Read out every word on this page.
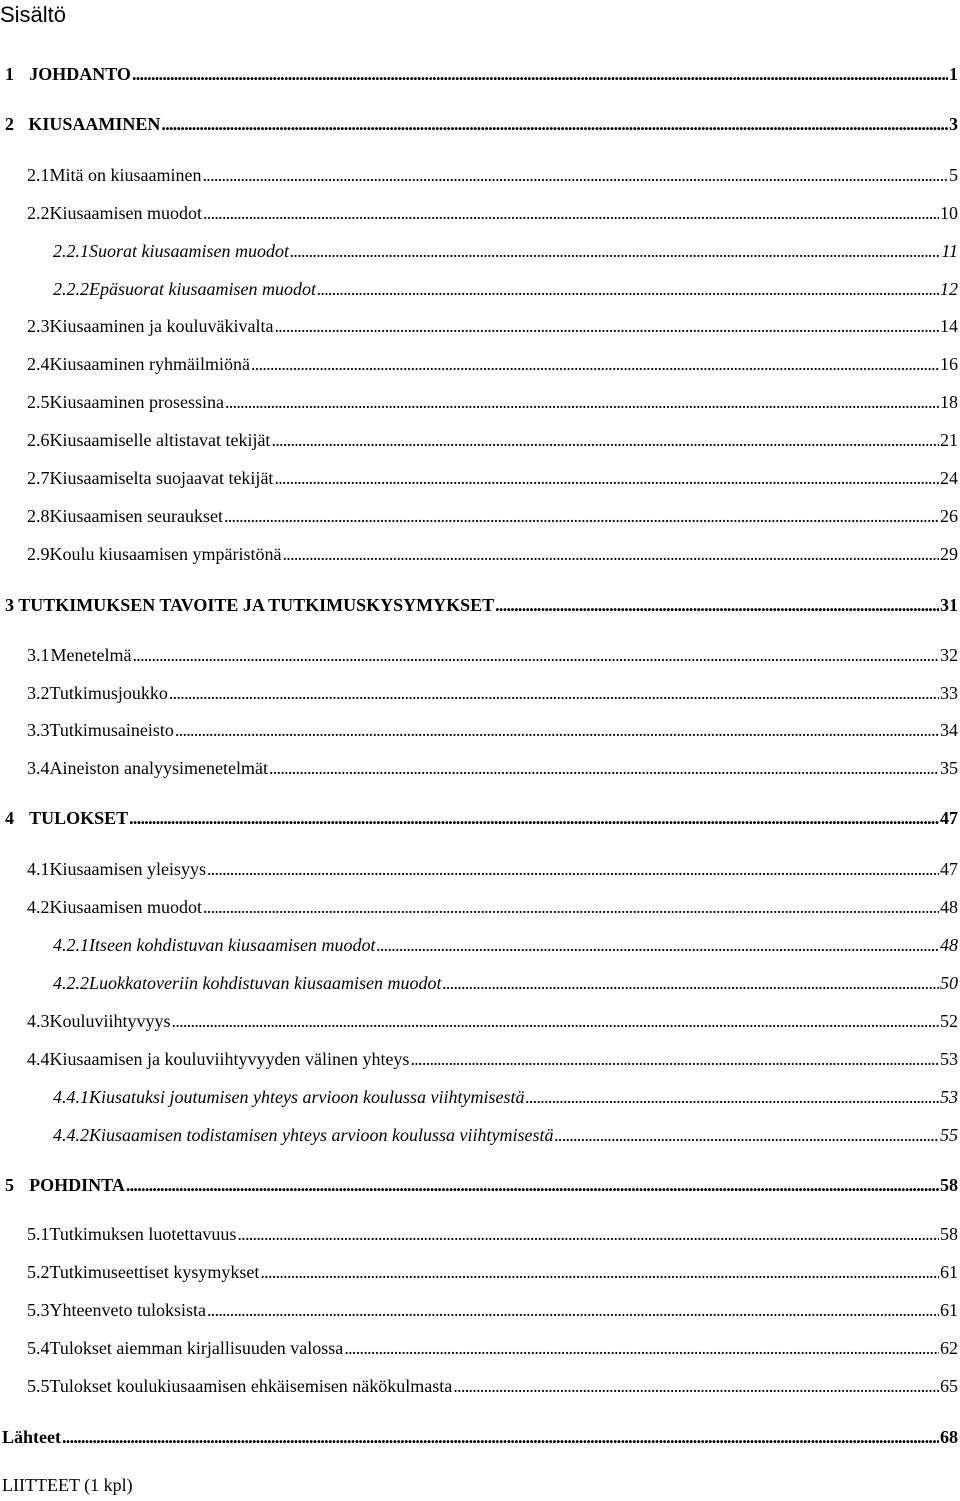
Sisältö
1 JOHDANTO . . .	1
2 KIUSAAMINEN . . .	3
2.1 Mitä on kiusaaminen . . .	5
2.2 Kiusaamisen muodot . . .	10
2.2.1 Suorat kiusaamisen muodot . . .	11
2.2.2 Epäsuorat kiusaamisen muodot . . .	12
2.3 Kiusaaminen ja kouluväkivalta . . .	14
2.4 Kiusaaminen ryhmäilmiönä . . .	16
2.5 Kiusaaminen prosessina . . .	18
2.6 Kiusaamiselle altistavat tekijät . . .	21
2.7 Kiusaamiselta suojaavat tekijät . . .	24
2.8 Kiusaamisen seuraukset . . .	26
2.9 Koulu kiusaamisen ympäristönä . . .	29
3 TUTKIMUKSEN TAVOITE JA TUTKIMUSKYSYMYKSET . . .	31
3.1 Menetelmä . . .	32
3.2 Tutkimusjoukko . . .	33
3.3 Tutkimusaineisto . . .	34
3.4 Aineiston analyysimenetelmät . . .	35
4 TULOKSET . . .	47
4.1 Kiusaamisen yleisyys . . .	47
4.2 Kiusaamisen muodot . . .	48
4.2.1 Itseen kohdistuvan kiusaamisen muodot . . .	48
4.2.2 Luokkatoveriin kohdistuvan kiusaamisen muodot . . .	50
4.3 Kouluviihtyvyys . . .	52
4.4 Kiusaamisen ja kouluviihtyvyyden välinen yhteys . . .	53
4.4.1 Kiusatuksi joutumisen yhteys arvioon koulussa viihtymisestä . . .	53
4.4.2 Kiusaamisen todistamisen yhteys arvioon koulussa viihtymisestä . . .	55
5 POHDINTA . . .	58
5.1 Tutkimuksen luotettavuus . . .	58
5.2 Tutkimuseettiset kysymykset . . .	61
5.3 Yhteenveto tuloksista . . .	61
5.4 Tulokset aiemman kirjallisuuden valossa . . .	62
5.5 Tulokset koulukiusaamisen ehkäisemisen näkökulmasta . . .	65
Lähteet . . .	68
LIITTEET (1 kpl)
